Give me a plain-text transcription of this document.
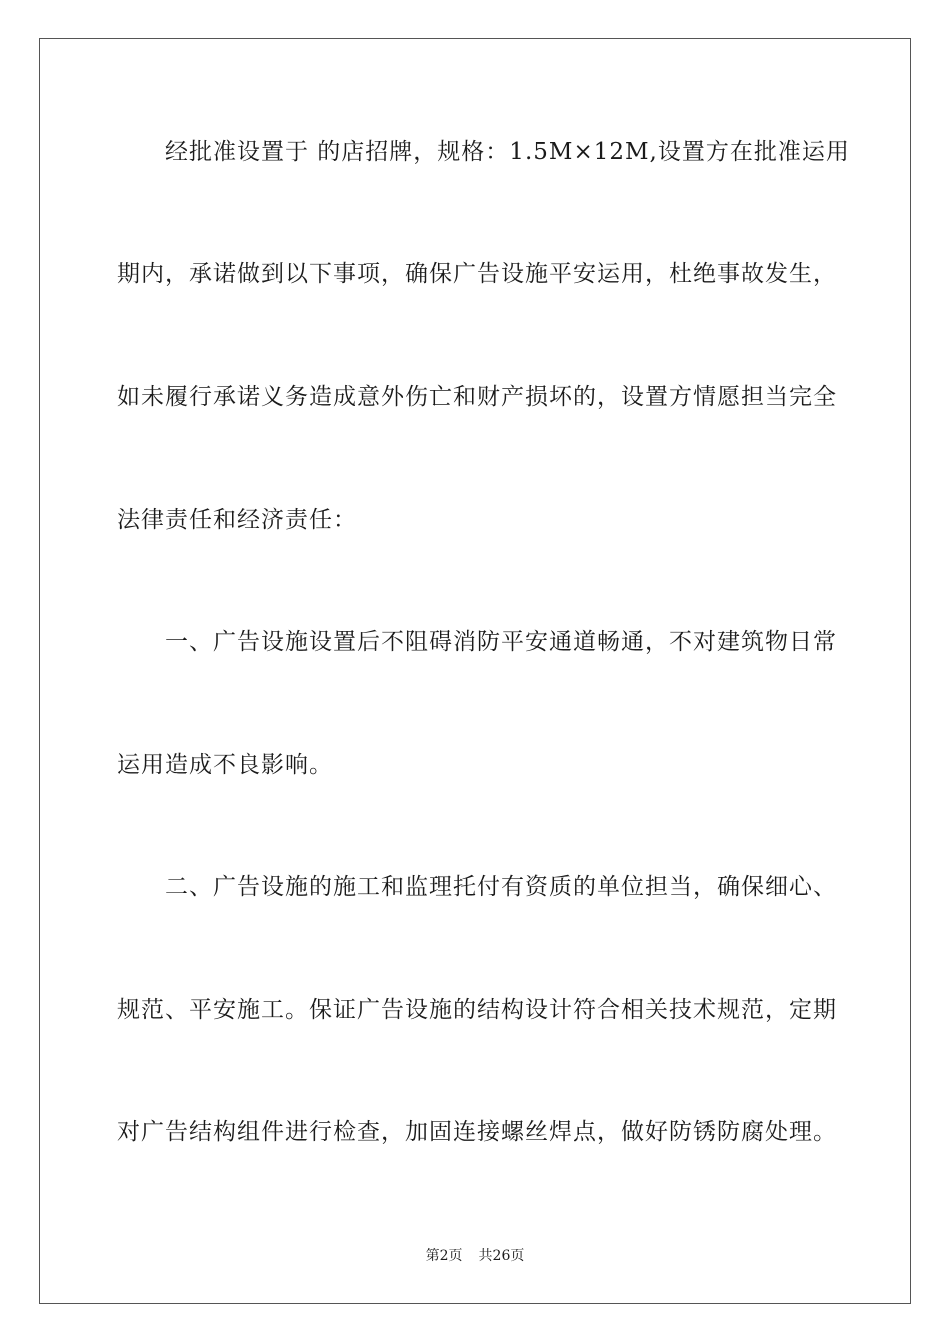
经批准设置于 的店招牌，规格：1.5M×12M,设置方在批准运用
期内，承诺做到以下事项，确保广告设施平安运用，杜绝事故发生，
如未履行承诺义务造成意外伤亡和财产损坏的，设置方情愿担当完全
法律责任和经济责任：
一、广告设施设置后不阻碍消防平安通道畅通，不对建筑物日常
运用造成不良影响。
二、广告设施的施工和监理托付有资质的单位担当，确保细心、
规范、平安施工。保证广告设施的结构设计符合相关技术规范，定期
对广告结构组件进行检查，加固连接螺丝焊点，做好防锈防腐处理。
第2页 共26页
